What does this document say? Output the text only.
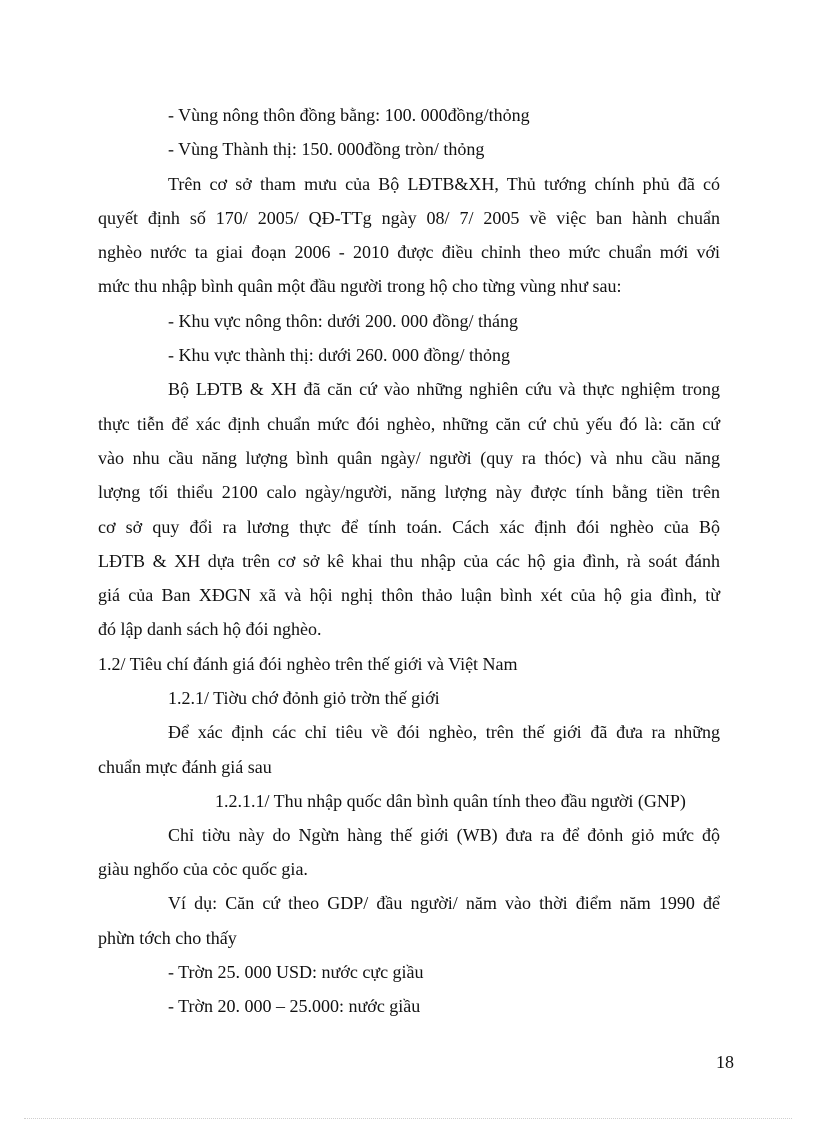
- Vùng nông thôn đồng bằng: 100. 000đồng/thỏng
- Vùng Thành thị: 150. 000đồng tròn/ thỏng
Trên cơ sở tham mưu của Bộ LĐTB&XH, Thủ tướng chính phủ đã có
quyết định số 170/ 2005/ QĐ-TTg ngày 08/ 7/ 2005 về việc ban hành chuẩn
nghèo nước ta giai đoạn 2006 - 2010 được điều chỉnh theo mức chuẩn mới với
mức thu nhập bình quân một đầu người trong hộ cho từng vùng như sau:
- Khu vực nông thôn: dưới 200. 000 đồng/ tháng
- Khu vực thành thị: dưới 260. 000 đồng/ thỏng
Bộ LĐTB & XH đã căn cứ vào những nghiên cứu và thực nghiệm trong
thực tiễn để xác định chuẩn mức đói nghèo, những căn cứ chủ yếu đó là: căn cứ
vào nhu cầu năng lượng bình quân ngày/ người (quy ra thóc) và nhu cầu năng
lượng tối thiểu 2100 calo ngày/người, năng lượng này được tính bằng tiền trên
cơ sở quy đổi ra lương thực để tính toán. Cách xác định đói nghèo của Bộ
LĐTB & XH dựa trên cơ sở kê khai thu nhập của các hộ gia đình, rà soát đánh
giá của Ban XĐGN xã và hội nghị thôn thảo luận bình xét của hộ gia đình, từ
đó lập danh sách hộ đói nghèo.
1.2/ Tiêu chí đánh giá đói nghèo trên thế giới và Việt Nam
1.2.1/ Tiờu chớ đỏnh giỏ trờn thế giới
Để xác định các chỉ tiêu về đói nghèo, trên thế giới đã đưa ra những
chuẩn mực đánh giá sau
1.2.1.1/ Thu nhập quốc dân bình quân tính theo đầu người (GNP)
Chỉ tiờu này do Ngừn hàng thế giới (WB) đưa ra để đỏnh giỏ mức độ
giàu nghốo của cỏc quốc gia.
Ví dụ: Căn cứ theo GDP/ đầu người/ năm vào thời điểm năm 1990 để
phừn tớch cho thấy
- Trờn 25. 000 USD: nước cực giầu
- Trờn 20. 000 – 25.000: nước giầu
18
